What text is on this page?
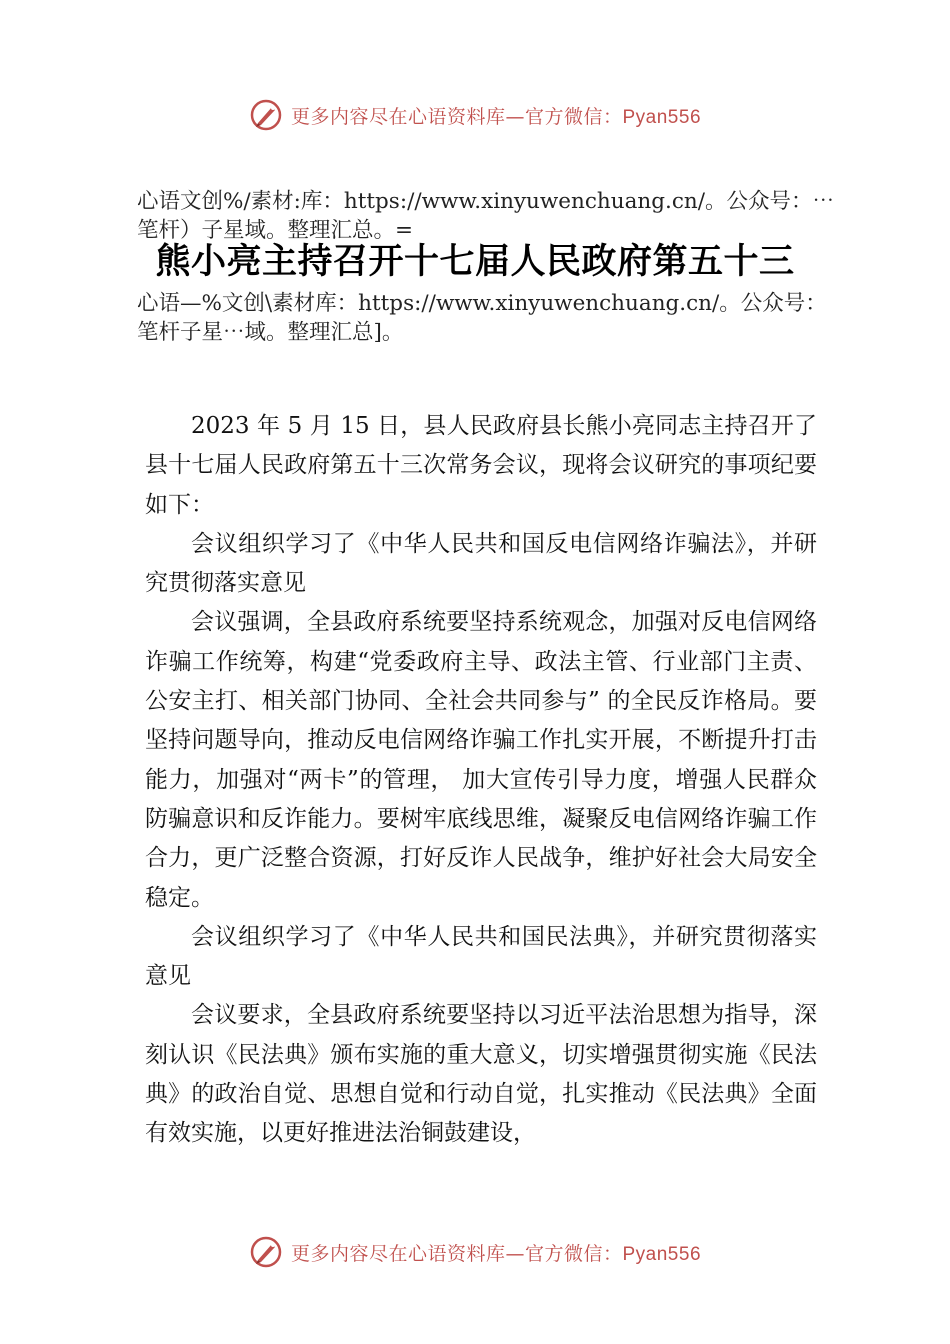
更多内容尽在心语资料库—官方微信：Pyan556
心语文创%/素材:库：https://www.xinyuwenchuang.cn/。公众号：⋯笔杆）子星域。整理汇总。=
熊小亮主持召开十七届人民政府第五十三
心语—%文创\素材库：https://www.xinyuwenchuang.cn/。公众号：笔杆子星⋯域。整理汇总]。

2023 年 5 月 15 日，县人民政府县长熊小亮同志主持召开了县十七届人民政府第五十三次常务会议，现将会议研究的事项纪要如下：

会议组织学习了《中华人民共和国反电信网络诈骗法》，并研究贯彻落实意见

会议强调，全县政府系统要坚持系统观念，加强对反电信网络诈骗工作统筹，构建“党委政府主导、政法主管、行业部门主责、公安主打、相关部门协同、全社会共同参与” 的全民反诈格局。要坚持问题导向，推动反电信网络诈骗工作扎实开展，不断提升打击能力，加强对“两卡”的管理， 加大宣传引导力度，增强人民群众防骗意识和反诈能力。要树牢底线思维，凝聚反电信网络诈骗工作合力，更广泛整合资源，打好反诈人民战争，维护好社会大局安全稳定。

会议组织学习了《中华人民共和国民法典》，并研究贯彻落实意见

会议要求，全县政府系统要坚持以习近平法治思想为指导，深刻认识《民法典》颁布实施的重大意义，切实增强贯彻实施《民法典》的政治自觉、思想自觉和行动自觉，扎实推动《民法典》全面有效实施，以更好推进法治铜鼓建设，

更多内容尽在心语资料库—官方微信：Pyan556
